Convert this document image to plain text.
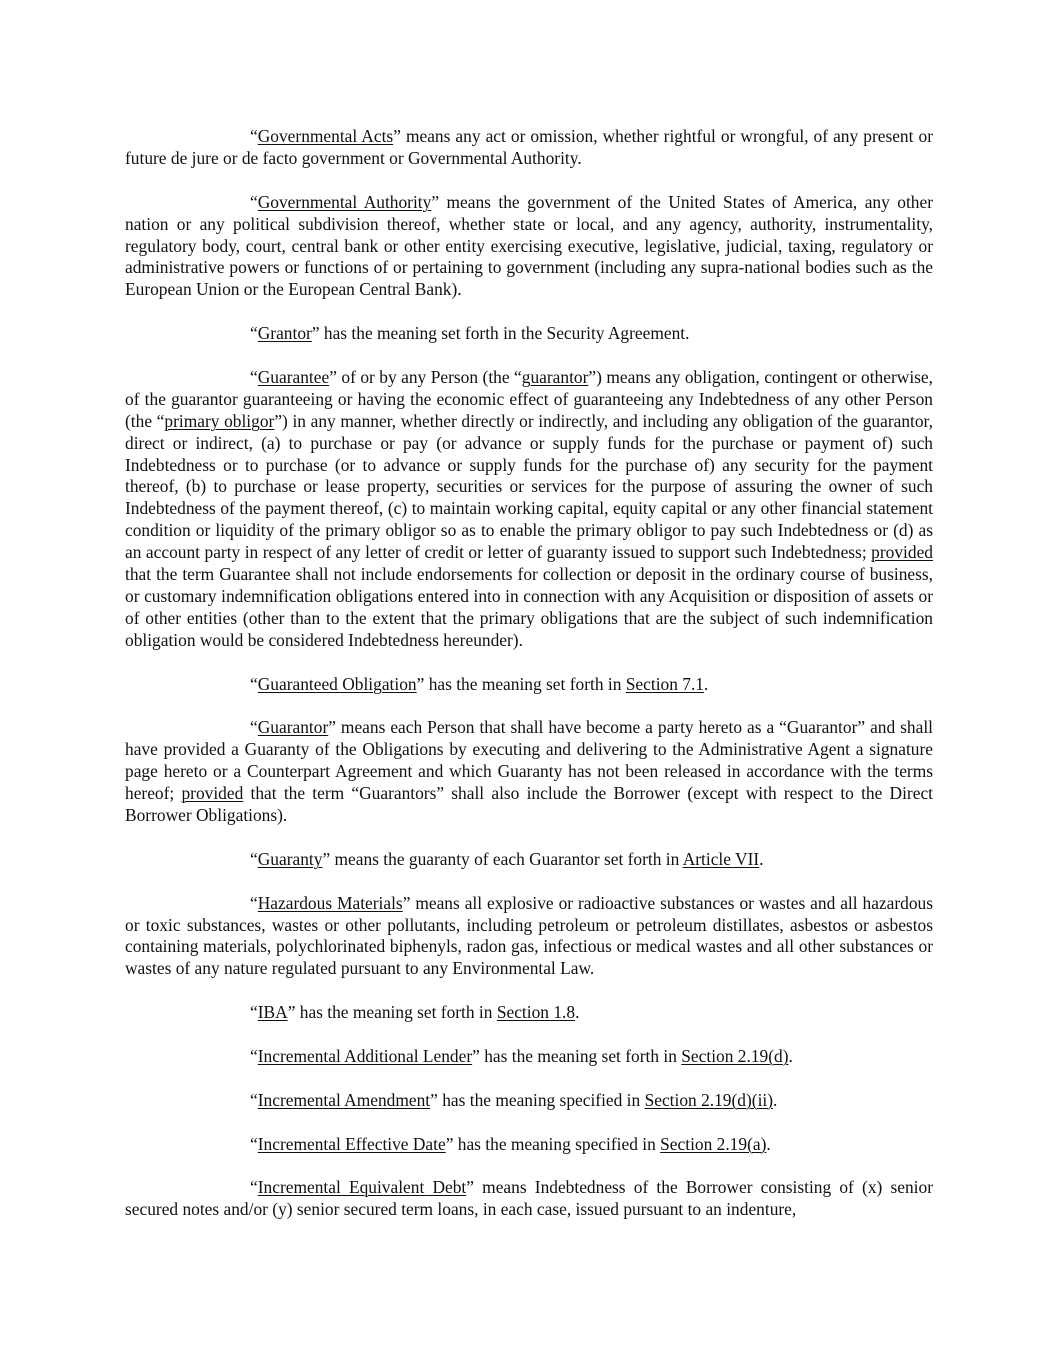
“Governmental Acts” means any act or omission, whether rightful or wrongful, of any present or future de jure or de facto government or Governmental Authority.

“Governmental Authority” means the government of the United States of America, any other nation or any political subdivision thereof, whether state or local, and any agency, authority, instrumentality, regulatory body, court, central bank or other entity exercising executive, legislative, judicial, taxing, regulatory or administrative powers or functions of or pertaining to government (including any supra-national bodies such as the European Union or the European Central Bank).

“Grantor” has the meaning set forth in the Security Agreement.

“Guarantee” of or by any Person (the “guarantor”) means any obligation, contingent or otherwise, of the guarantor guaranteeing or having the economic effect of guaranteeing any Indebtedness of any other Person (the “primary obligor”) in any manner, whether directly or indirectly, and including any obligation of the guarantor, direct or indirect, (a) to purchase or pay (or advance or supply funds for the purchase or payment of) such Indebtedness or to purchase (or to advance or supply funds for the purchase of) any security for the payment thereof, (b) to purchase or lease property, securities or services for the purpose of assuring the owner of such Indebtedness of the payment thereof, (c) to maintain working capital, equity capital or any other financial statement condition or liquidity of the primary obligor so as to enable the primary obligor to pay such Indebtedness or (d) as an account party in respect of any letter of credit or letter of guaranty issued to support such Indebtedness; provided that the term Guarantee shall not include endorsements for collection or deposit in the ordinary course of business, or customary indemnification obligations entered into in connection with any Acquisition or disposition of assets or of other entities (other than to the extent that the primary obligations that are the subject of such indemnification obligation would be considered Indebtedness hereunder).

“Guaranteed Obligation” has the meaning set forth in Section 7.1.

“Guarantor” means each Person that shall have become a party hereto as a “Guarantor” and shall have provided a Guaranty of the Obligations by executing and delivering to the Administrative Agent a signature page hereto or a Counterpart Agreement and which Guaranty has not been released in accordance with the terms hereof; provided that the term “Guarantors” shall also include the Borrower (except with respect to the Direct Borrower Obligations).

“Guaranty” means the guaranty of each Guarantor set forth in Article VII.

“Hazardous Materials” means all explosive or radioactive substances or wastes and all hazardous or toxic substances, wastes or other pollutants, including petroleum or petroleum distillates, asbestos or asbestos containing materials, polychlorinated biphenyls, radon gas, infectious or medical wastes and all other substances or wastes of any nature regulated pursuant to any Environmental Law.

“IBA” has the meaning set forth in Section 1.8.

“Incremental Additional Lender” has the meaning set forth in Section 2.19(d).

“Incremental Amendment” has the meaning specified in Section 2.19(d)(ii).

“Incremental Effective Date” has the meaning specified in Section 2.19(a).

“Incremental Equivalent Debt” means Indebtedness of the Borrower consisting of (x) senior secured notes and/or (y) senior secured term loans, in each case, issued pursuant to an indenture,
